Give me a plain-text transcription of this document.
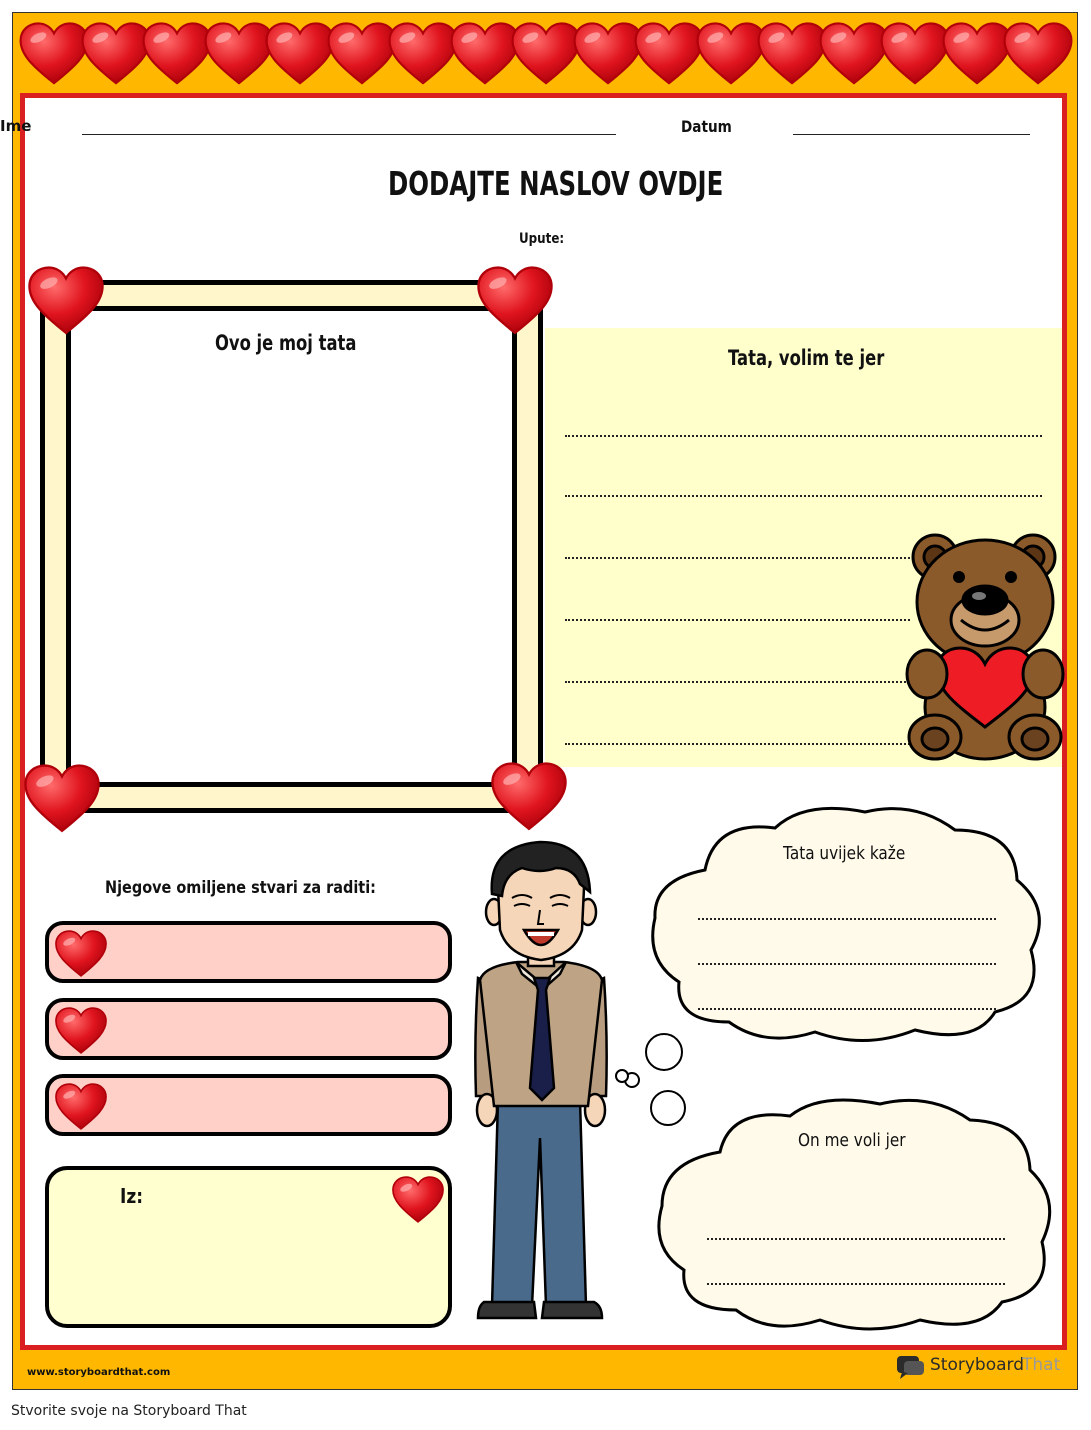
Ime	Datum
DODAJTE NASLOV OVDJE
Upute:
Tata, volim te jer
Ovo je moj tata
Njegove omiljene stvari za raditi:
Iz:
Tata uvijek kaže
On me voli jer
www.storyboardthat.com	Storyboard
That
Stvorite svoje na Storyboard That
